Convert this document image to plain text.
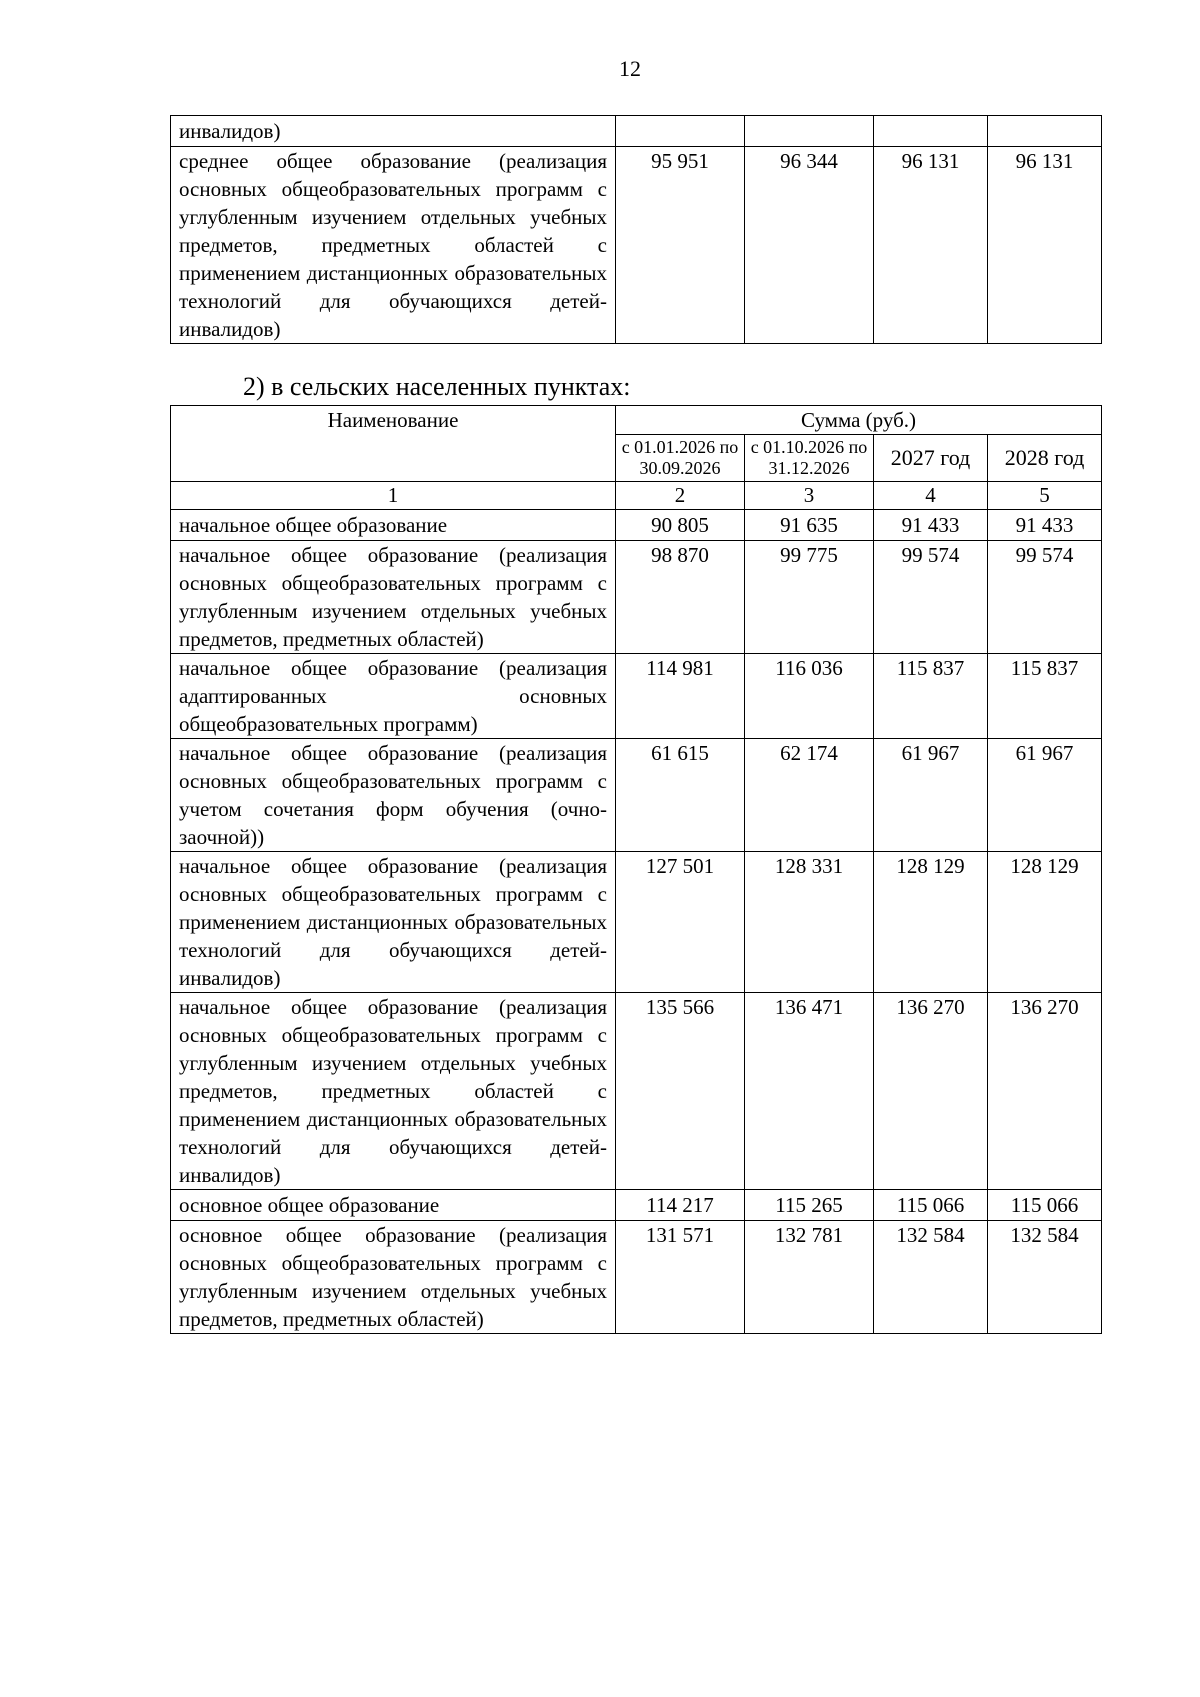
12
инвалидов)				
среднее общее образование (реализация основных общеобразовательных программ с углубленным изучением отдельных учебных предметов, предметных областей с применением дистанционных образовательных технологий для обучающихся детей-инвалидов)	95 951	96 344	96 131	96 131
2) в сельских населенных пунктах:
Наименование	Сумма (руб.)			
	с 01.01.2026 по 30.09.2026	с 01.10.2026 по 31.12.2026	2027 год	2028 год
1	2	3	4	5
начальное общее образование	90 805	91 635	91 433	91 433
начальное общее образование (реализация основных общеобразовательных программ с углубленным изучением отдельных учебных предметов, предметных областей)	98 870	99 775	99 574	99 574
начальное общее образование (реализация адаптированных основных общеобразовательных программ)	114 981	116 036	115 837	115 837
начальное общее образование (реализация основных общеобразовательных программ с учетом сочетания форм обучения (очно-заочной))	61 615	62 174	61 967	61 967
начальное общее образование (реализация основных общеобразовательных программ с применением дистанционных образовательных технологий для обучающихся детей-инвалидов)	127 501	128 331	128 129	128 129
начальное общее образование (реализация основных общеобразовательных программ с углубленным изучением отдельных учебных предметов, предметных областей с применением дистанционных образовательных технологий для обучающихся детей-инвалидов)	135 566	136 471	136 270	136 270
основное общее образование	114 217	115 265	115 066	115 066
основное общее образование (реализация основных общеобразовательных программ с углубленным изучением отдельных учебных предметов, предметных областей)	131 571	132 781	132 584	132 584
